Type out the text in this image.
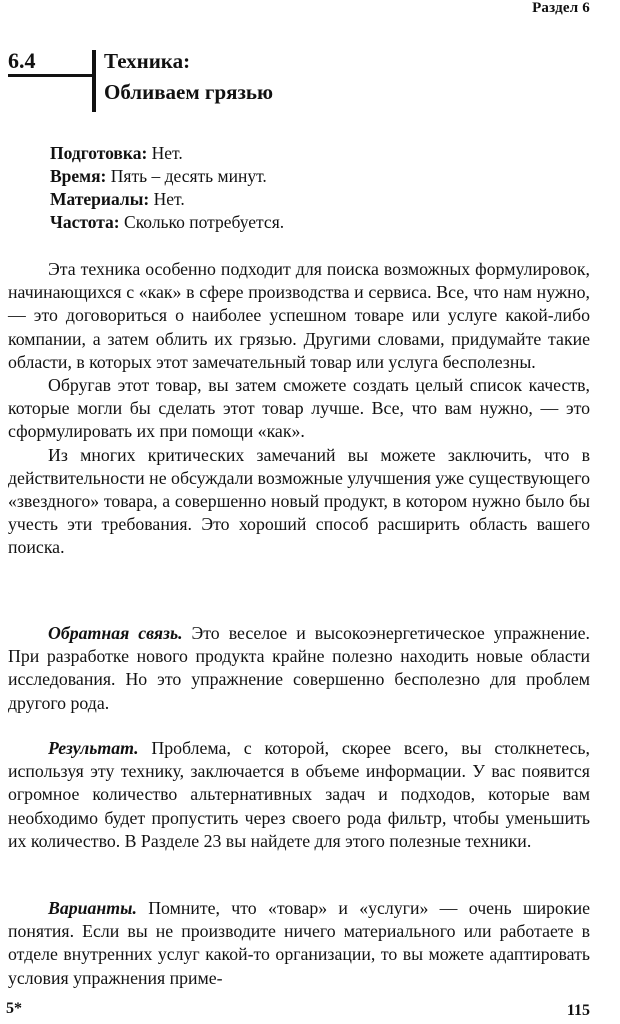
Раздел 6
6.4	Техника:
Обливаем грязью
Подготовка: Нет.
Время: Пять – десять минут.
Материалы: Нет.
Частота: Сколько потребуется.

Эта техника особенно подходит для поиска возможных формулировок, начинающихся с «как» в сфере производства и сервиса. Все, что нам нужно, — это договориться о наиболее успешном товаре или услуге какой-либо компании, а затем облить их грязью. Другими словами, придумайте такие области, в которых этот замечательный товар или услуга бесполезны.

Обругав этот товар, вы затем сможете создать целый список качеств, которые могли бы сделать этот товар лучше. Все, что вам нужно, — это сформулировать их при помощи «как».

Из многих критических замечаний вы можете заключить, что в действительности не обсуждали возможные улучшения уже существующего «звездного» товара, а совершенно новый продукт, в котором нужно было бы учесть эти требования. Это хороший способ расширить область вашего поиска.

Обратная связь. Это веселое и высокоэнергетическое упражнение. При разработке нового продукта крайне полезно находить новые области исследования. Но это упражнение совершенно бесполезно для проблем другого рода.

Результат. Проблема, с которой, скорее всего, вы столкнетесь, используя эту технику, заключается в объеме информации. У вас появится огромное количество альтернативных задач и подходов, которые вам необходимо будет пропустить через своего рода фильтр, чтобы уменьшить их количество. В Разделе 23 вы найдете для этого полезные техники.

Варианты. Помните, что «товар» и «услуги» — очень широкие понятия. Если вы не производите ничего материального или работаете в отделе внутренних услуг какой-то организации, то вы можете адаптировать условия упражнения приме-

5*	115
